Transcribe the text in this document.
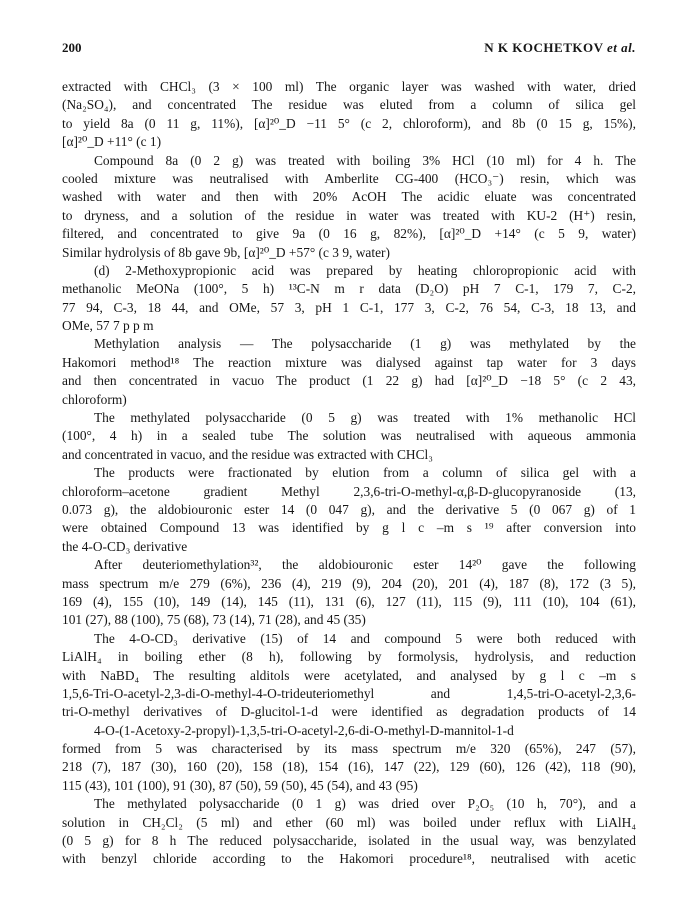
200	N K KOCHETKOV et al.
extracted with CHCl₃ (3 × 100 ml) The organic layer was washed with water, dried
(Na₂SO₄), and concentrated The residue was eluted from a column of silica gel
to yield 8a (0 11 g, 11%), [α]²⁰_D −11 5° (c 2, chloroform), and 8b (0 15 g, 15%),
[α]²⁰_D +11° (c 1)
Compound 8a (0 2 g) was treated with boiling 3% HCl (10 ml) for 4 h. The
cooled mixture was neutralised with Amberlite CG-400 (HCO₃⁻) resin, which was
washed with water and then with 20% AcOH The acidic eluate was concentrated
to dryness, and a solution of the residue in water was treated with KU-2 (H⁺) resin,
filtered, and concentrated to give 9a (0 16 g, 82%), [α]²⁰_D +14° (c 5 9, water)
Similar hydrolysis of 8b gave 9b, [α]²⁰_D +57° (c 3 9, water)
(d) 2-Methoxypropionic acid was prepared by heating chloropropionic acid with
methanolic MeONa (100°, 5 h) ¹³C-N m r data (D₂O) pH 7 C-1, 179 7, C-2,
77 94, C-3, 18 44, and OMe, 57 3, pH 1 C-1, 177 3, C-2, 76 54, C-3, 18 13, and
OMe, 57 7 p p m
Methylation analysis — The polysaccharide (1 g) was methylated by the
Hakomori method¹⁸ The reaction mixture was dialysed against tap water for 3 days
and then concentrated in vacuo The product (1 22 g) had [α]²⁰_D −18 5° (c 2 43,
chloroform)
The methylated polysaccharide (0 5 g) was treated with 1% methanolic HCl
(100°, 4 h) in a sealed tube The solution was neutralised with aqueous ammonia
and concentrated in vacuo, and the residue was extracted with CHCl₃
The products were fractionated by elution from a column of silica gel with a
chloroform–acetone gradient Methyl 2,3,6-tri-O-methyl-α,β-D-glucopyranoside (13,
0.073 g), the aldobiouronic ester 14 (0 047 g), and the derivative 5 (0 067 g) of 1
were obtained Compound 13 was identified by g l c –m s ¹⁹ after conversion into
the 4-O-CD₃ derivative
After deuteriomethylation³², the aldobiouronic ester 14²⁰ gave the following
mass spectrum m/e 279 (6%), 236 (4), 219 (9), 204 (20), 201 (4), 187 (8), 172 (3 5),
169 (4), 155 (10), 149 (14), 145 (11), 131 (6), 127 (11), 115 (9), 111 (10), 104 (61),
101 (27), 88 (100), 75 (68), 73 (14), 71 (28), and 45 (35)
The 4-O-CD₃ derivative (15) of 14 and compound 5 were both reduced with
LiAlH₄ in boiling ether (8 h), following by formolysis, hydrolysis, and reduction
with NaBD₄ The resulting alditols were acetylated, and analysed by g l c –m s
1,5,6-Tri-O-acetyl-2,3-di-O-methyl-4-O-trideuteriomethyl and 1,4,5-tri-O-acetyl-2,3,6-
tri-O-methyl derivatives of D-glucitol-1-d were identified as degradation products of 14
4-O-(1-Acetoxy-2-propyl)-1,3,5-tri-O-acetyl-2,6-di-O-methyl-D-mannitol-1-d
formed from 5 was characterised by its mass spectrum m/e 320 (65%), 247 (57),
218 (7), 187 (30), 160 (20), 158 (18), 154 (16), 147 (22), 129 (60), 126 (42), 118 (90),
115 (43), 101 (100), 91 (30), 87 (50), 59 (50), 45 (54), and 43 (95)
The methylated polysaccharide (0 1 g) was dried over P₂O₅ (10 h, 70°), and a
solution in CH₂Cl₂ (5 ml) and ether (60 ml) was boiled under reflux with LiAlH₄
(0 5 g) for 8 h The reduced polysaccharide, isolated in the usual way, was benzylated
with benzyl chloride according to the Hakomori procedure¹⁸, neutralised with acetic
